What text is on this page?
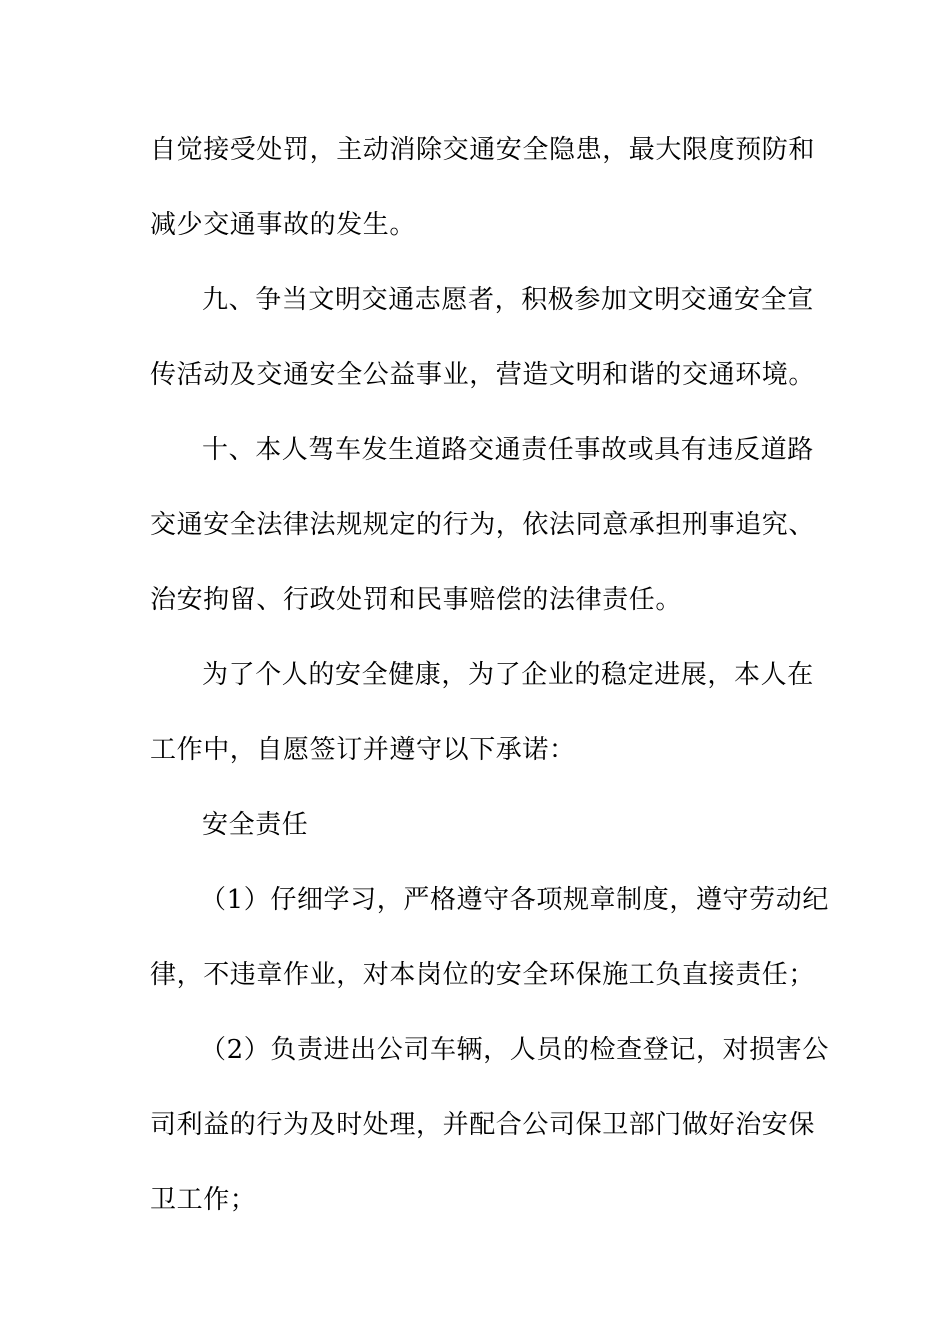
自觉接受处罚，主动消除交通安全隐患，最大限度预防和
减少交通事故的发生。
九、争当文明交通志愿者，积极参加文明交通安全宣
传活动及交通安全公益事业，营造文明和谐的交通环境。
十、本人驾车发生道路交通责任事故或具有违反道路
交通安全法律法规规定的行为，依法同意承担刑事追究、
治安拘留、行政处罚和民事赔偿的法律责任。
为了个人的安全健康，为了企业的稳定进展，本人在
工作中，自愿签订并遵守以下承诺：
安全责任
（1）仔细学习，严格遵守各项规章制度，遵守劳动纪
律，不违章作业，对本岗位的安全环保施工负直接责任；
（2）负责进出公司车辆，人员的检查登记，对损害公
司利益的行为及时处理，并配合公司保卫部门做好治安保
卫工作；
